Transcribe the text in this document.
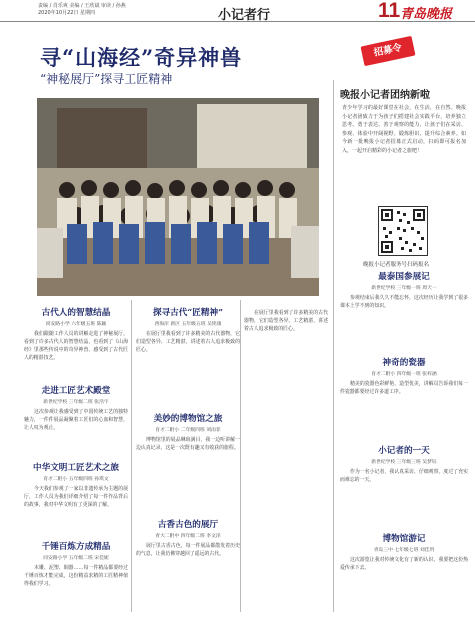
责编 / 肖乐爽 美编 / 王欣斌 审读 / 孙燕
2020年10月22日 星期四	小记者行	11 青岛晚报
寻“山海经”奇异神兽
“神秘展厅”探寻工匠精神
招募令
晚报小记者团纳新啦
青少年学习的最好课堂在社会，在生活，在自然。晚报小记者团致力于为孩子们搭建社会实践平台，培养独立思考、勇于表达、善于观察的能力，让孩子们在采访、参观、体验中开阔视野、锻炼胆识、提升综合素养。如今新一批晚报小记者招募正式启动，扫码即可报名加入，一起开启精彩的小记者之旅吧！
晚报小记者服务号扫码报名
古代人的智慧结晶
同安路小学 六年级五班 陈颖
我们跟随工作人员的讲解走进了神秘展厅，看到了许多古代人的智慧结晶，也看到了《山海经》里那些传说中的奇异神兽，感受到了古代匠人的精湛技艺。
走进工匠艺术殿堂
新世纪学校 三年级二班 张浩宇
这次参观让我感受到了中国传统工艺的独特魅力，一件件展品凝聚着工匠们的心血和智慧，让人叹为观止。
中华文明工匠艺术之旅
育才二附小 五年级四班 孙琪文
今天我们参观了一家以非遗传承为主题的展厅，工作人员为我们详细介绍了每一件作品背后的故事，我对中华文明有了更深的了解。
千锤百炼方成精品
同安路小学 五年级二班 宋佳妮
木雕、泥塑、铜器……每一件精品都要经过千锤百炼才能完成，这份精益求精的工匠精神值得我们学习。
探寻古代“匠精神”
西海岸 新区 五年级五班 吴铭康
在展厅里我看到了许多精美的古代器物，它们造型各异、工艺精湛，讲述着古人追求极致的匠心。
美妙的博物馆之旅
育才二附小 二年级四班 刘雨菲
博物馆里的展品琳琅满目，我一边听讲解一边认真记录，这是一次既有趣又有收获的旅程。
古香古色的展厅
青大二附中 四年级二班 李文泽
展厅里古香古色，每一件展品都散发着历史的气息，让我仿佛穿越回了遥远的古代。
在展厅里我看到了许多精美的古代器物，它们造型各异、工艺精湛，讲述着古人追求极致的匠心。
最泰国参展记
新世纪学校 三年级一班 周天一
参观结束后我久久不能忘怀，这次经历让我学到了很多课本上学不到的知识。
神奇的瓷器
育才二附小 四年级一班 张梓涵
精美的瓷器色彩鲜艳、造型优美，讲解员告诉我们每一件瓷器都要经过许多道工序。
小记者的一天
新世纪学校 三年级三班 吴梦钰
作为一名小记者，我认真采访、仔细观察，度过了充实而难忘的一天。
博物馆游记
青岛三中 七年级七班 刘佳玥
这次游览让我对传统文化有了新的认识，我要把这份热爱传承下去。
